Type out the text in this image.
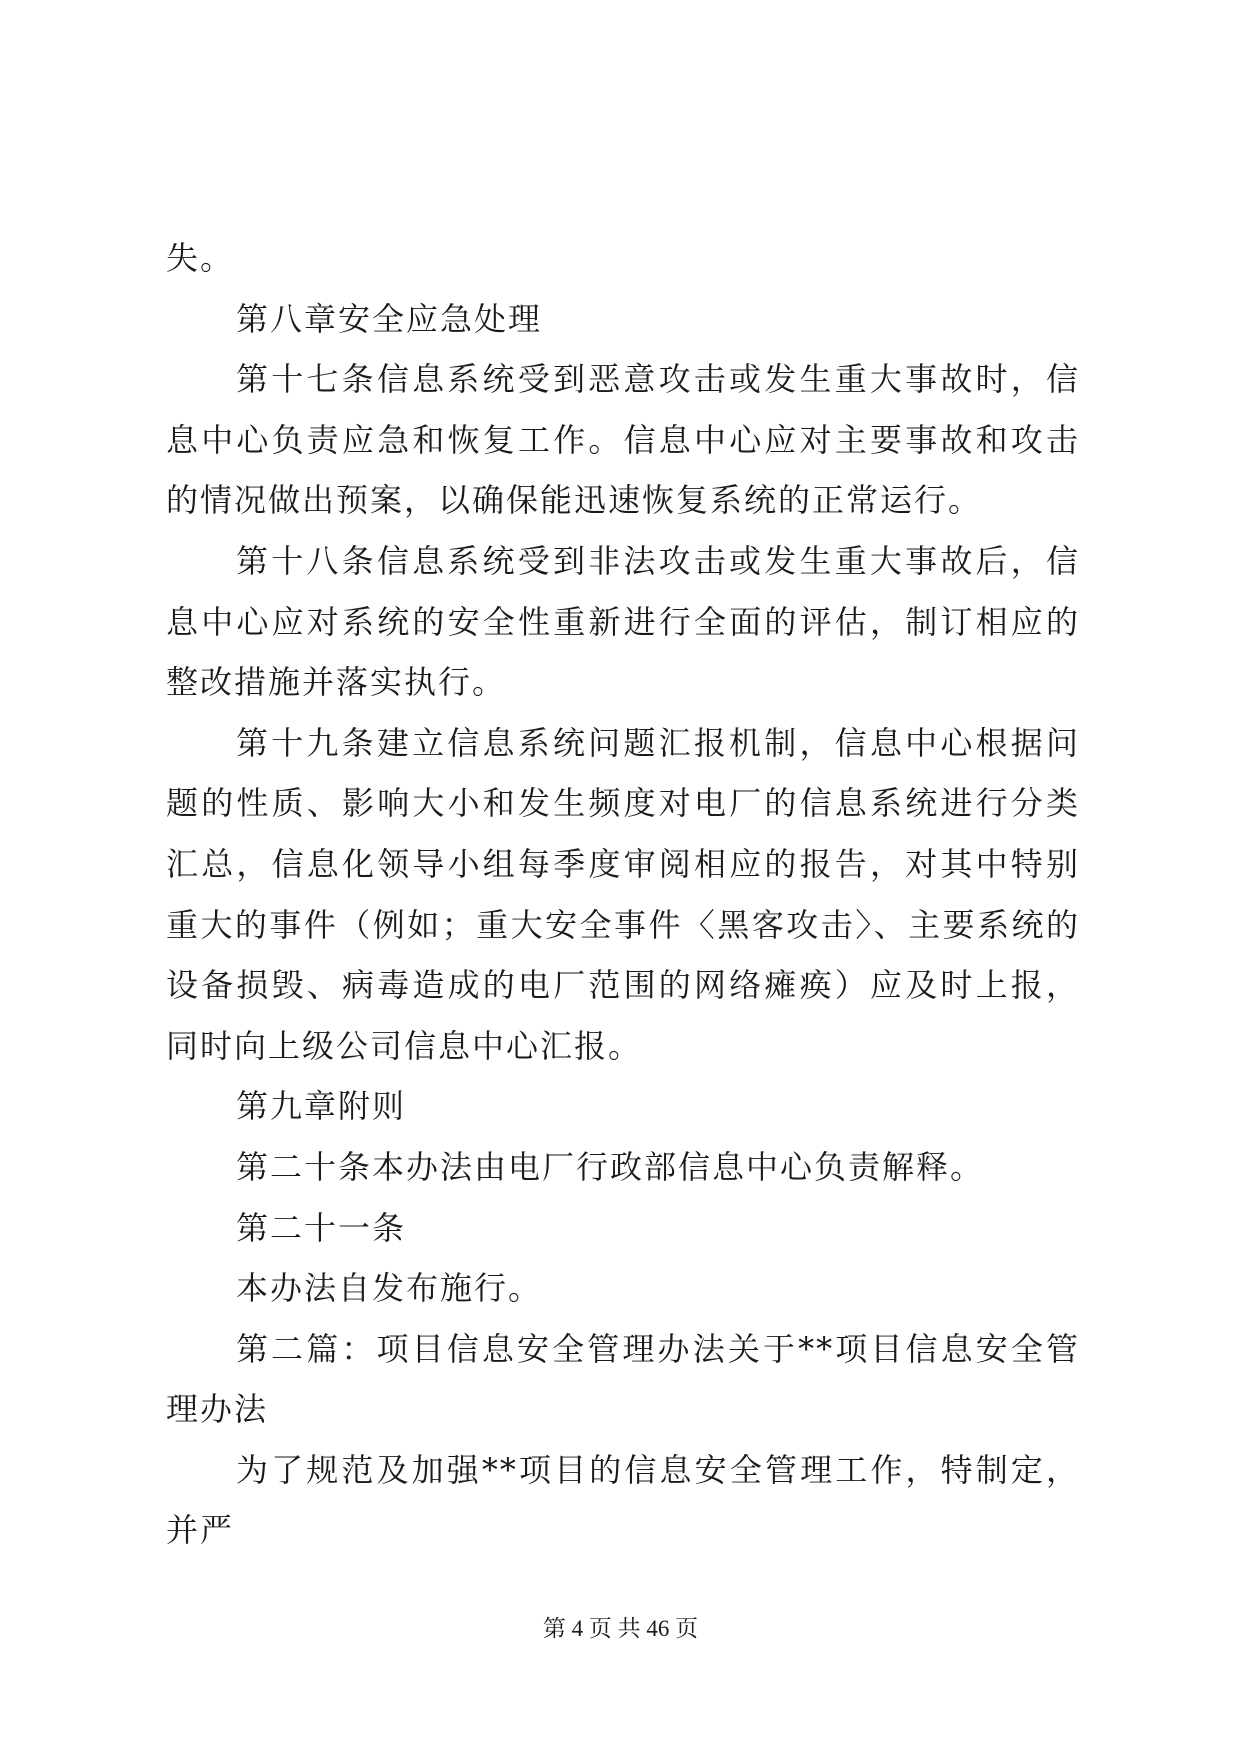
失。

第八章安全应急处理

第十七条信息系统受到恶意攻击或发生重大事故时，信息中心负责应急和恢复工作。信息中心应对主要事故和攻击的情况做出预案，以确保能迅速恢复系统的正常运行。

第十八条信息系统受到非法攻击或发生重大事故后，信息中心应对系统的安全性重新进行全面的评估，制订相应的整改措施并落实执行。

第十九条建立信息系统问题汇报机制，信息中心根据问题的性质、影响大小和发生频度对电厂的信息系统进行分类汇总，信息化领导小组每季度审阅相应的报告，对其中特别重大的事件（例如；重大安全事件〈黑客攻击〉、主要系统的设备损毁、病毒造成的电厂范围的网络瘫痪）应及时上报，同时向上级公司信息中心汇报。

第九章附则

第二十条本办法由电厂行政部信息中心负责解释。

第二十一条

本办法自发布施行。

第二篇：项目信息安全管理办法关于**项目信息安全管理办法

为了规范及加强**项目的信息安全管理工作，特制定，并严

第 4 页 共 46 页
